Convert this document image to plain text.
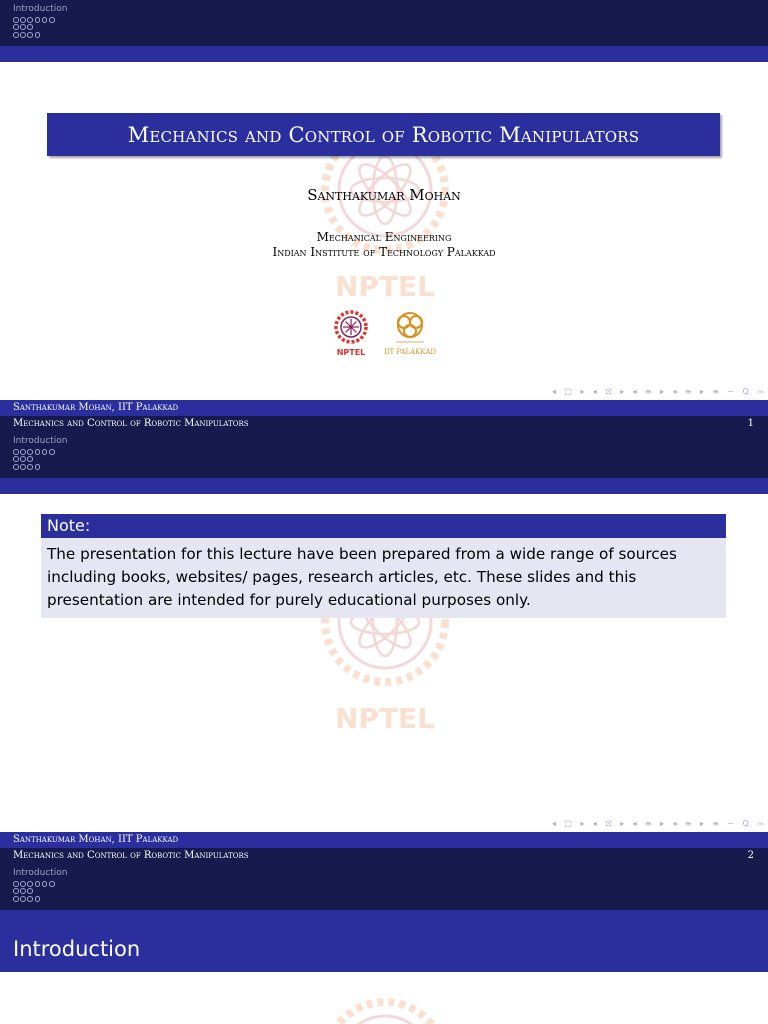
Introduction
NPTEL
Mechanics and Control of Robotic Manipulators
Santhakumar Mohan
Mechanical Engineering
Indian Institute of Technology Palakkad
NPTEL	IIT PALAKKAD
◂ □ ▸ ◂ ⊡ ▸ ◂ ≡ ▸ ◂ ≡ ▸ ≡ ∽ Q ∾
Santhakumar Mohan, IIT Palakkad
Mechanics and Control of Robotic Manipulators	1
Introduction
NPTEL
Note:
The presentation for this lecture have been prepared from a wide range of sources
including books, websites/ pages, research articles, etc. These slides and this
presentation are intended for purely educational purposes only.
◂ □ ▸ ◂ ⊡ ▸ ◂ ≡ ▸ ◂ ≡ ▸ ≡ ∽ Q ∾
Santhakumar Mohan, IIT Palakkad
Mechanics and Control of Robotic Manipulators	2
Introduction
Introduction
